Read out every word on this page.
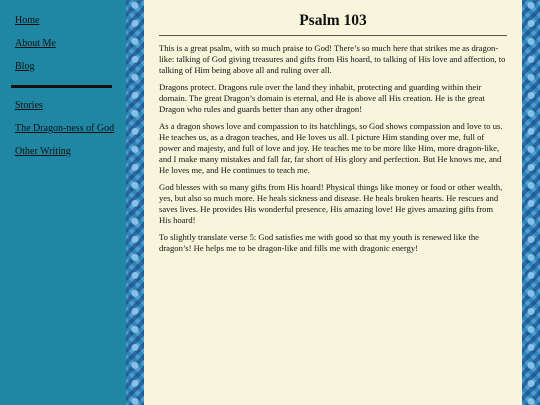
Home
About Me
Blog
Stories
The Dragon-ness of God
Other Writing
Psalm 103

This is a great psalm, with so much praise to God! There’s so much here that strikes me as dragon-like: talking of God giving treasures and gifts from His hoard, to talking of His love and affection, to talking of Him being above all and ruling over all.

Dragons protect. Dragons rule over the land they inhabit, protecting and guarding within their domain. The great Dragon’s domain is eternal, and He is above all His creation. He is the great Dragon who rules and guards better than any other dragon!

As a dragon shows love and compassion to its hatchlings, so God shows compassion and love to us. He teaches us, as a dragon teaches, and He loves us all. I picture Him standing over me, full of power and majesty, and full of love and joy. He teaches me to be more like Him, more dragon-like, and I make many mistakes and fall far, far short of His glory and perfection. But He knows me, and He loves me, and He continues to teach me.

God blesses with so many gifts from His hoard! Physical things like money or food or other wealth, yes, but also so much more. He heals sickness and disease. He heals broken hearts. He rescues and saves lives. He provides His wonderful presence, His amazing love! He gives amazing gifts from His hoard!

To slightly translate verse 5: God satisfies me with good so that my youth is renewed like the dragon’s! He helps me to be dragon-like and fills me with dragonic energy!
